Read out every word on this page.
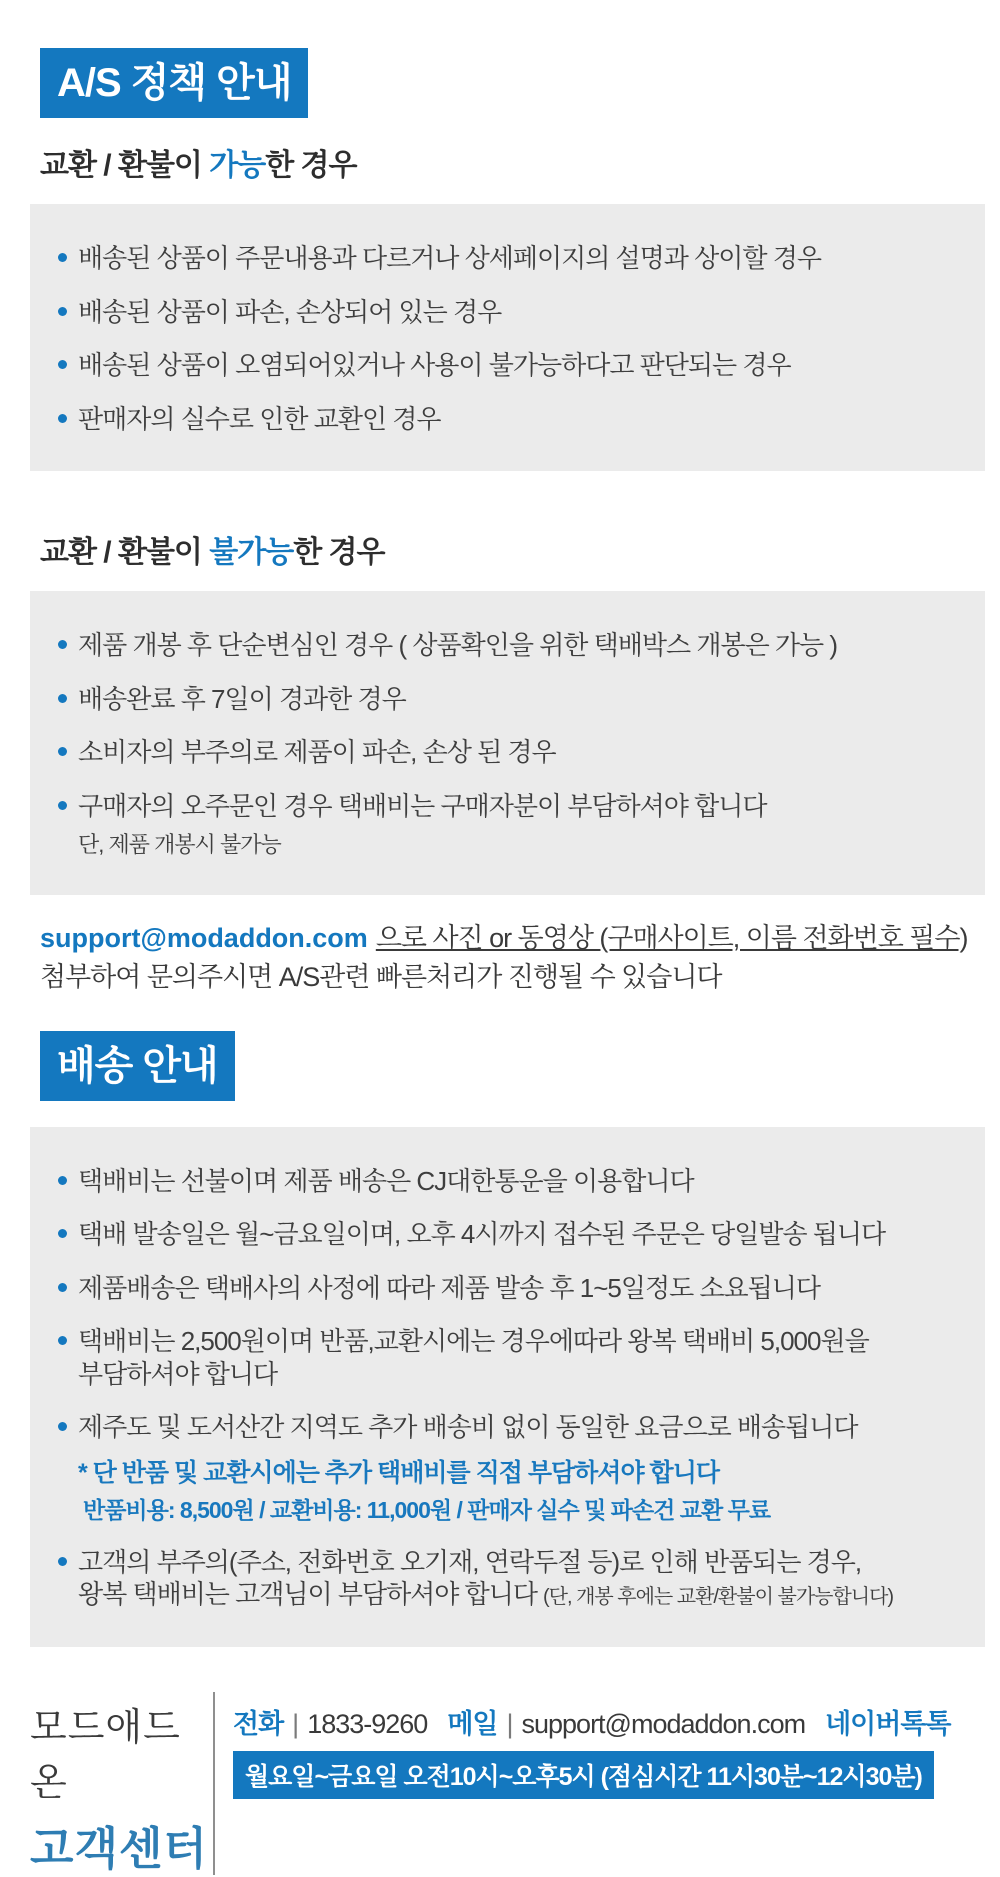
A/S 정책 안내
교환 / 환불이 가능한 경우
배송된 상품이 주문내용과 다르거나 상세페이지의 설명과 상이할 경우
배송된 상품이 파손, 손상되어 있는 경우
배송된 상품이 오염되어있거나 사용이 불가능하다고 판단되는 경우
판매자의 실수로 인한 교환인 경우
교환 / 환불이 불가능한 경우
제품 개봉 후 단순변심인 경우 ( 상품확인을 위한 택배박스 개봉은 가능 )
배송완료 후 7일이 경과한 경우
소비자의 부주의로 제품이 파손, 손상 된 경우
구매자의 오주문인 경우 택배비는 구매자분이 부담하셔야 합니다
단, 제품 개봉시 불가능

support@modaddon.com 으로 사진 or 동영상 (구매사이트, 이름 전화번호 필수)
첨부하여 문의주시면 A/S관련 빠른처리가 진행될 수 있습니다

배송 안내
택배비는 선불이며 제품 배송은 CJ대한통운을 이용합니다
택배 발송일은 월~금요일이며, 오후 4시까지 접수된 주문은 당일발송 됩니다
제품배송은 택배사의 사정에 따라 제품 발송 후 1~5일정도 소요됩니다
택배비는 2,500원이며 반품,교환시에는 경우에따라 왕복 택배비 5,000원을
부담하셔야 합니다
제주도 및 도서산간 지역도 추가 배송비 없이 동일한 요금으로 배송됩니다
* 단 반품 및 교환시에는 추가 택배비를 직접 부담하셔야 합니다
반품비용: 8,500원 / 교환비용: 11,000원 / 판매자 실수 및 파손건 교환 무료
고객의 부주의(주소, 전화번호 오기재, 연락두절 등)로 인해 반품되는 경우,
왕복 택배비는 고객님이 부담하셔야 합니다 (단, 개봉 후에는 교환/환불이 불가능합니다)
모드애드온
고객센터
전화 | 1833-9260 메일 | support@modaddon.com 네이버톡톡
월요일~금요일 오전10시~오후5시 (점심시간 11시30분~12시30분)
